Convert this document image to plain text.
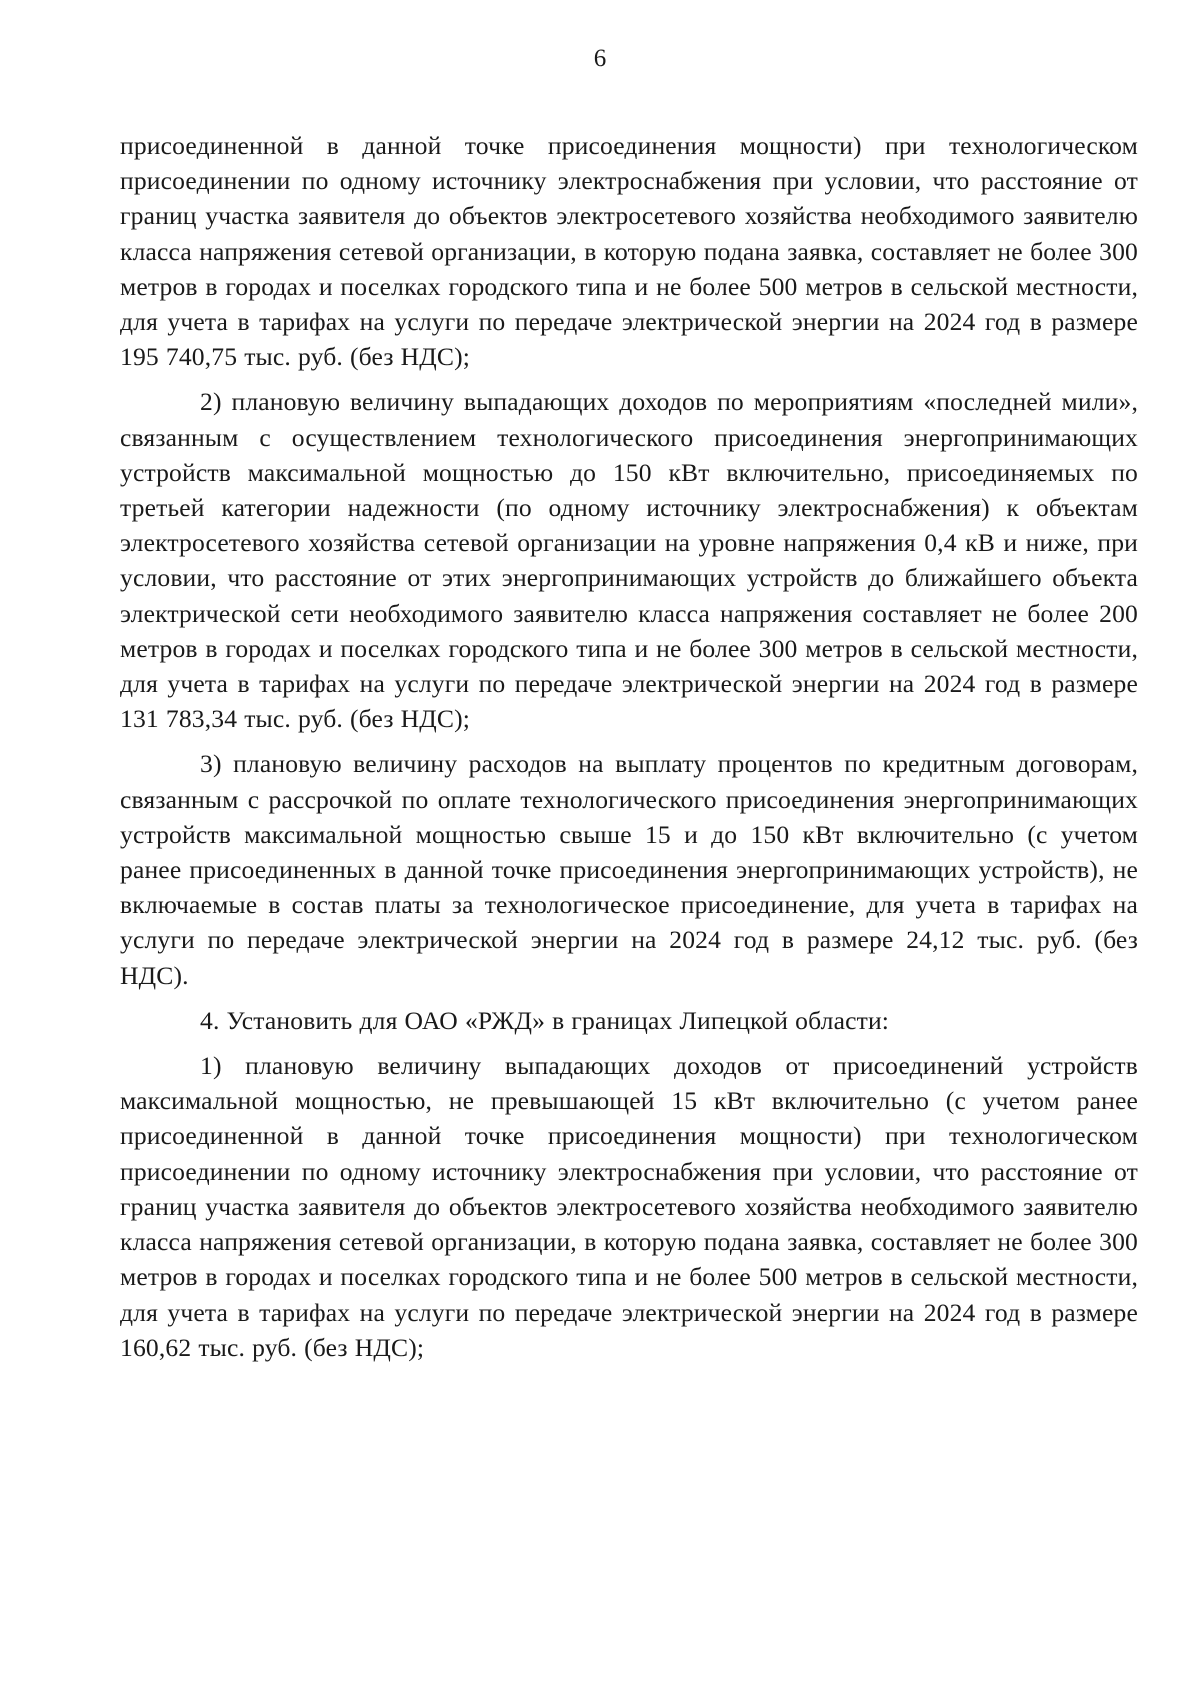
6

присоединенной в данной точке присоединения мощности) при технологическом присоединении по одному источнику электроснабжения при условии, что расстояние от границ участка заявителя до объектов электросетевого хозяйства необходимого заявителю класса напряжения сетевой организации, в которую подана заявка, составляет не более 300 метров в городах и поселках городского типа и не более 500 метров в сельской местности, для учета в тарифах на услуги по передаче электрической энергии на 2024 год в размере 195 740,75 тыс. руб. (без НДС);

2) плановую величину выпадающих доходов по мероприятиям «последней мили», связанным с осуществлением технологического присоединения энергопринимающих устройств максимальной мощностью до 150 кВт включительно, присоединяемых по третьей категории надежности (по одному источнику электроснабжения) к объектам электросетевого хозяйства сетевой организации на уровне напряжения 0,4 кВ и ниже, при условии, что расстояние от этих энергопринимающих устройств до ближайшего объекта электрической сети необходимого заявителю класса напряжения составляет не более 200 метров в городах и поселках городского типа и не более 300 метров в сельской местности, для учета в тарифах на услуги по передаче электрической энергии на 2024 год в размере 131 783,34 тыс. руб. (без НДС);

3) плановую величину расходов на выплату процентов по кредитным договорам, связанным с рассрочкой по оплате технологического присоединения энергопринимающих устройств максимальной мощностью свыше 15 и до 150 кВт включительно (с учетом ранее присоединенных в данной точке присоединения энергопринимающих устройств), не включаемые в состав платы за технологическое присоединение, для учета в тарифах на услуги по передаче электрической энергии на 2024 год в размере 24,12 тыс. руб. (без НДС).

4. Установить для ОАО «РЖД» в границах Липецкой области:

1) плановую величину выпадающих доходов от присоединений устройств максимальной мощностью, не превышающей 15 кВт включительно (с учетом ранее присоединенной в данной точке присоединения мощности) при технологическом присоединении по одному источнику электроснабжения при условии, что расстояние от границ участка заявителя до объектов электросетевого хозяйства необходимого заявителю класса напряжения сетевой организации, в которую подана заявка, составляет не более 300 метров в городах и поселках городского типа и не более 500 метров в сельской местности, для учета в тарифах на услуги по передаче электрической энергии на 2024 год в размере 160,62 тыс. руб. (без НДС);
